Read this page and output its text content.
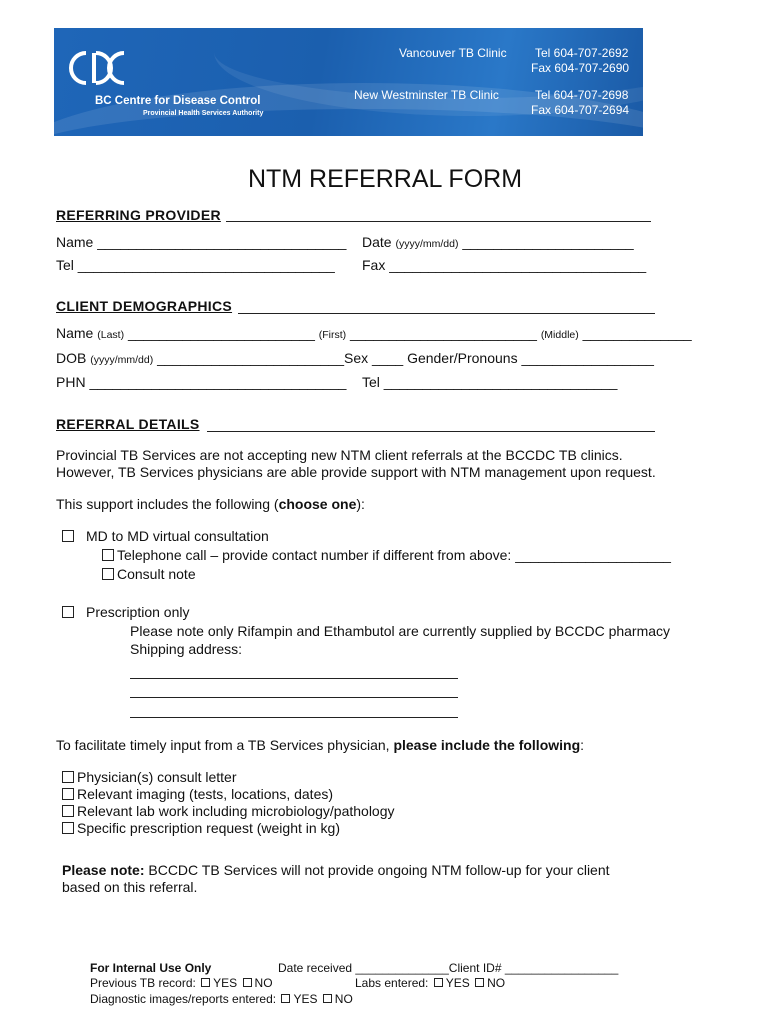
BC Centre for Disease Control
Provincial Health Services Authority
Vancouver TB Clinic Tel 604-707-2692
Fax 604-707-2690
New Westminster TB Clinic	Tel 604-707-2698
Fax 604-707-2694
NTM REFERRAL FORM
REFERRING PROVIDER
Name ________________________________ Date (yyyy/mm/dd) ______________________
Tel _________________________________ Fax _________________________________
CLIENT DEMOGRAPHICS
Name (Last) ________________________ (First) ________________________ (Middle) ______________
DOB (yyyy/mm/dd) ________________________Sex ____ Gender/Pronouns _________________
PHN _________________________________ Tel ______________________________
REFERRAL DETAILS
Provincial TB Services are not accepting new NTM client referrals at the BCCDC TB clinics.
However, TB Services physicians are able provide support with NTM management upon request.
This support includes the following (choose one):
MD to MD virtual consultation
Telephone call – provide contact number if different from above: ____________________
Consult note
Prescription only
Please note only Rifampin and Ethambutol are currently supplied by BCCDC pharmacy
Shipping address:
To facilitate timely input from a TB Services physician, please include the following:
Physician(s) consult letter
Relevant imaging (tests, locations, dates)
Relevant lab work including microbiology/pathology
Specific prescription request (weight in kg)
Please note: BCCDC TB Services will not provide ongoing NTM follow-up for your client
based on this referral.
For Internal Use Only	Date received ______________Client ID# _________________
Previous TB record: YES NO	Labs entered: YES NO
Diagnostic images/reports entered: YES NO
